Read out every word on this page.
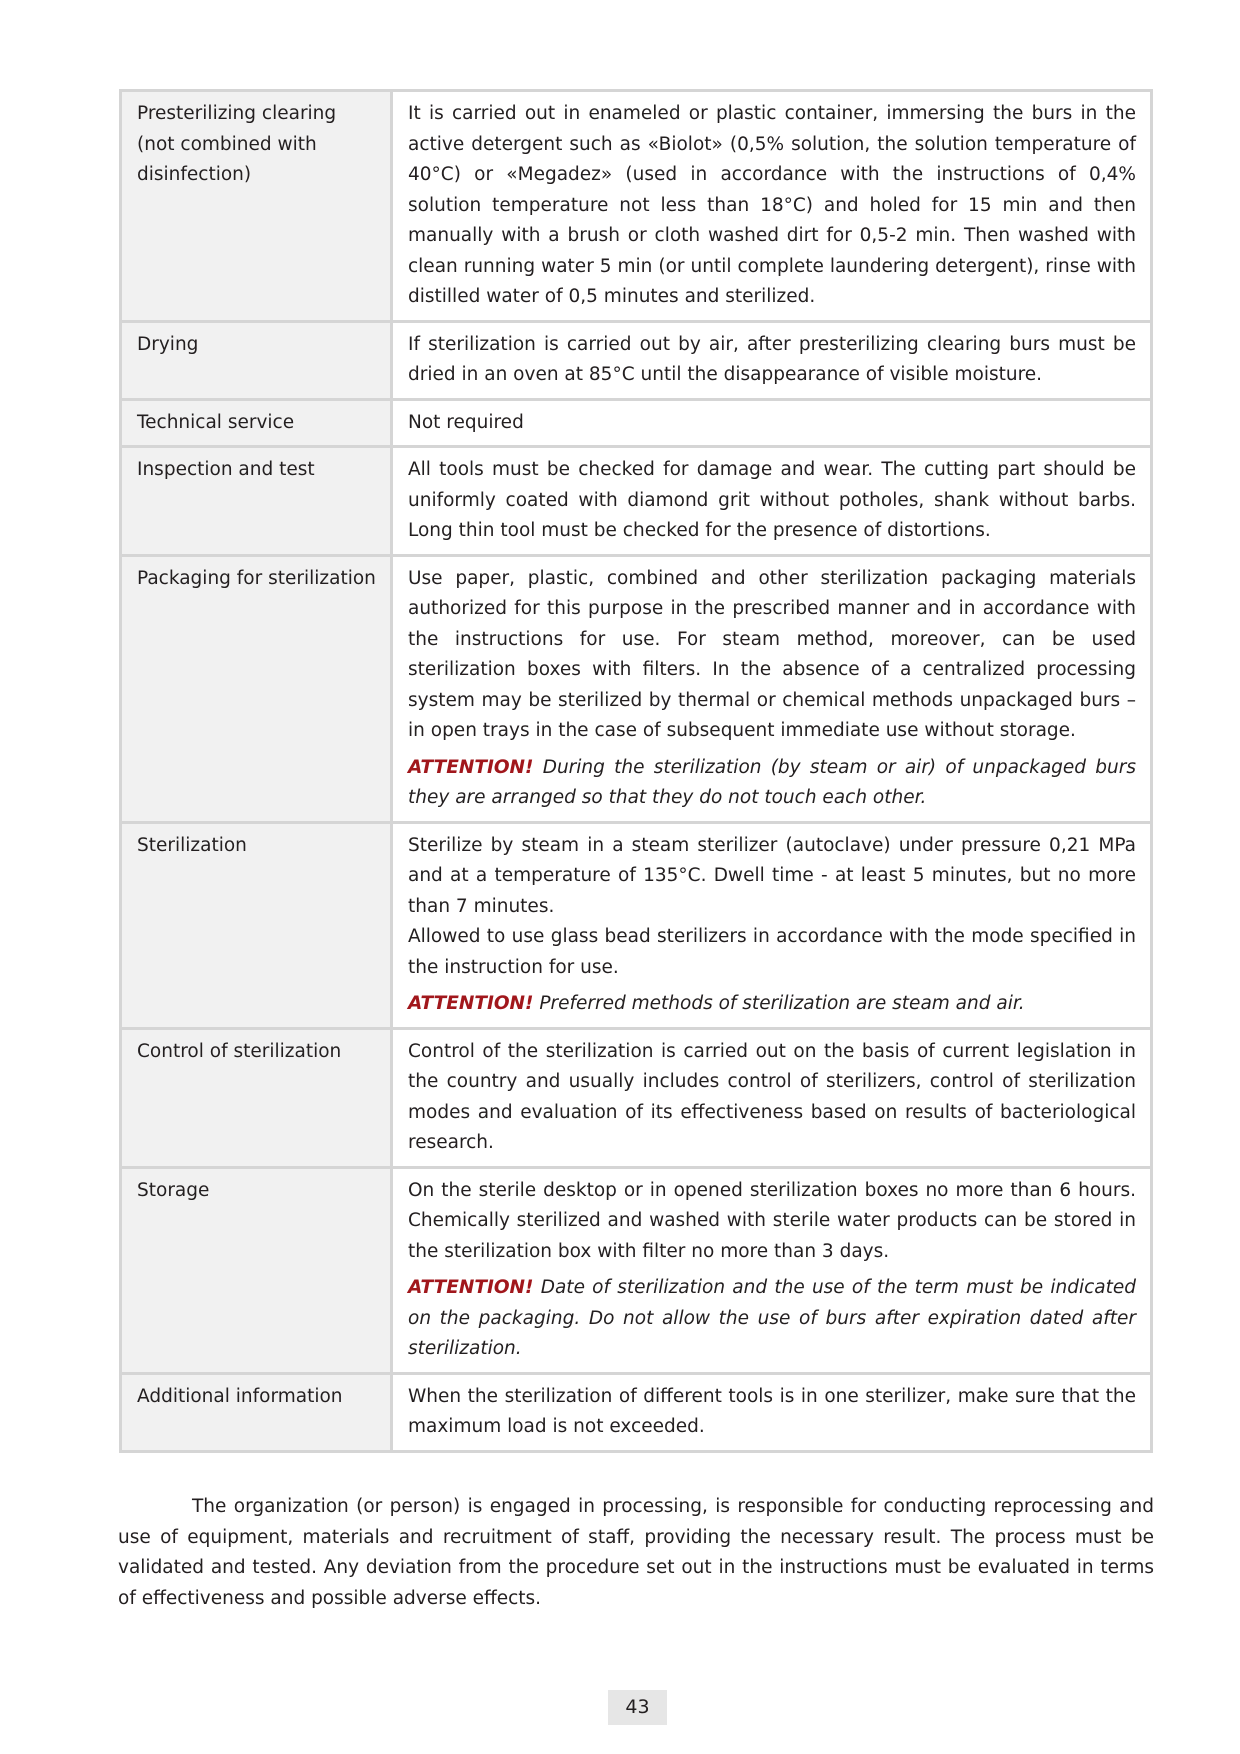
Presterilizing clearing (not combined with disinfection)	It is carried out in enameled or plastic container, immersing the burs in the active detergent such as «Biolot» (0,5% solution, the solution temperature of 40°C) or «Megadez» (used in accordance with the instructions of 0,4% solution temperature not less than 18°C) and holed for 15 min and then manually with a brush or cloth washed dirt for 0,5-2 min. Then washed with clean running water 5 min (or until complete laundering detergent), rinse with distilled water of 0,5 minutes and sterilized.

Drying	If sterilization is carried out by air, after presterilizing clearing burs must be dried in an oven at 85°C until the disappearance of visible moisture.

Technical service	Not required

Inspection and test	All tools must be checked for damage and wear. The cutting part should be uniformly coated with diamond grit without potholes, shank without barbs. Long thin tool must be checked for the presence of distortions.

Packaging for sterilization	Use paper, plastic, combined and other sterilization packaging materials authorized for this purpose in the prescribed manner and in accordance with the instructions for use. For steam method, moreover, can be used sterilization boxes with filters. In the absence of a centralized processing system may be sterilized by thermal or chemical methods unpackaged burs – in open trays in the case of subsequent immediate use without storage.

ATTENTION! During the sterilization (by steam or air) of unpackaged burs they are arranged so that they do not touch each other.

Sterilization	Sterilize by steam in a steam sterilizer (autoclave) under pressure 0,21 MPa and at a temperature of 135°C. Dwell time - at least 5 minutes, but no more than 7 minutes.

Allowed to use glass bead sterilizers in accordance with the mode specified in the instruction for use.

ATTENTION! Preferred methods of sterilization are steam and air.

Control of sterilization	Control of the sterilization is carried out on the basis of current legislation in the country and usually includes control of sterilizers, control of sterilization modes and evaluation of its effectiveness based on results of bacteriological research.

Storage	On the sterile desktop or in opened sterilization boxes no more than 6 hours. Chemically sterilized and washed with sterile water products can be stored in the sterilization box with filter no more than 3 days.

ATTENTION! Date of sterilization and the use of the term must be indicated on the packaging. Do not allow the use of burs after expiration dated after sterilization.

Additional information	When the sterilization of different tools is in one sterilizer, make sure that the maximum load is not exceeded.

The organization (or person) is engaged in processing, is responsible for conducting reprocessing and use of equipment, materials and recruitment of staff, providing the necessary result. The process must be validated and tested. Any deviation from the procedure set out in the instructions must be evaluated in terms of effectiveness and possible adverse effects.

43
